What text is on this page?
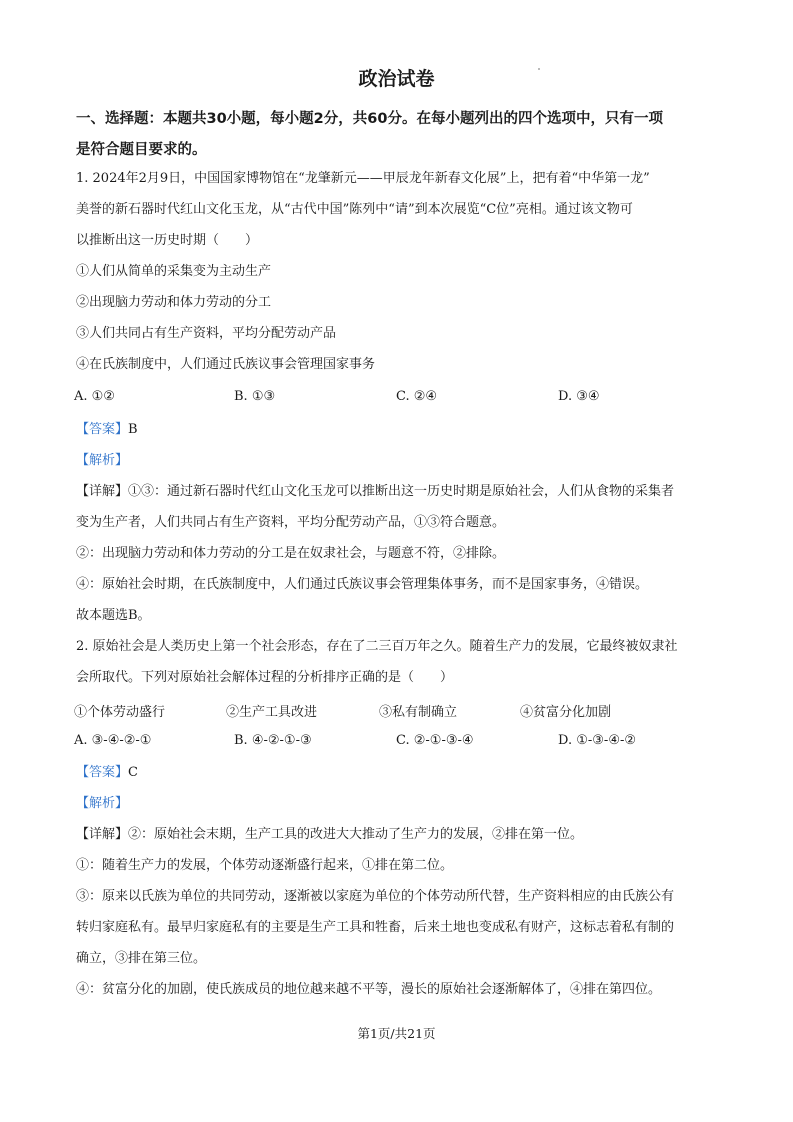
政治试卷
一、选择题：本题共30小题，每小题2分，共60分。在每小题列出的四个选项中，只有一项
是符合题目要求的。
1. 2024年2月9日，中国国家博物馆在“龙肇新元——甲辰龙年新春文化展”上，把有着“中华第一龙”
美誉的新石器时代红山文化玉龙，从“古代中国”陈列中“请”到本次展览“C位”亮相。通过该文物可
以推断出这一历史时期（　　）
①人们从简单的采集变为主动生产
②出现脑力劳动和体力劳动的分工
③人们共同占有生产资料，平均分配劳动产品
④在氏族制度中，人们通过氏族议事会管理国家事务
A. ①②	B. ①③	C. ②④	D. ③④
【答案】B
【解析】
【详解】①③：通过新石器时代红山文化玉龙可以推断出这一历史时期是原始社会，人们从食物的采集者
变为生产者，人们共同占有生产资料，平均分配劳动产品，①③符合题意。
②：出现脑力劳动和体力劳动的分工是在奴隶社会，与题意不符，②排除。
④：原始社会时期，在氏族制度中，人们通过氏族议事会管理集体事务，而不是国家事务，④错误。
故本题选B。
2. 原始社会是人类历史上第一个社会形态，存在了二三百万年之久。随着生产力的发展，它最终被奴隶社
会所取代。下列对原始社会解体过程的分析排序正确的是（　　）
①个体劳动盛行	②生产工具改进	③私有制确立	④贫富分化加剧
A. ③-④-②-①	B. ④-②-①-③	C. ②-①-③-④	D. ①-③-④-②
【答案】C
【解析】
【详解】②：原始社会末期，生产工具的改进大大推动了生产力的发展，②排在第一位。
①：随着生产力的发展，个体劳动逐渐盛行起来，①排在第二位。
③：原来以氏族为单位的共同劳动，逐渐被以家庭为单位的个体劳动所代替，生产资料相应的由氏族公有
转归家庭私有。最早归家庭私有的主要是生产工具和牲畜，后来土地也变成私有财产，这标志着私有制的
确立，③排在第三位。
④：贫富分化的加剧，使氏族成员的地位越来越不平等，漫长的原始社会逐渐解体了，④排在第四位。
第1页/共21页
